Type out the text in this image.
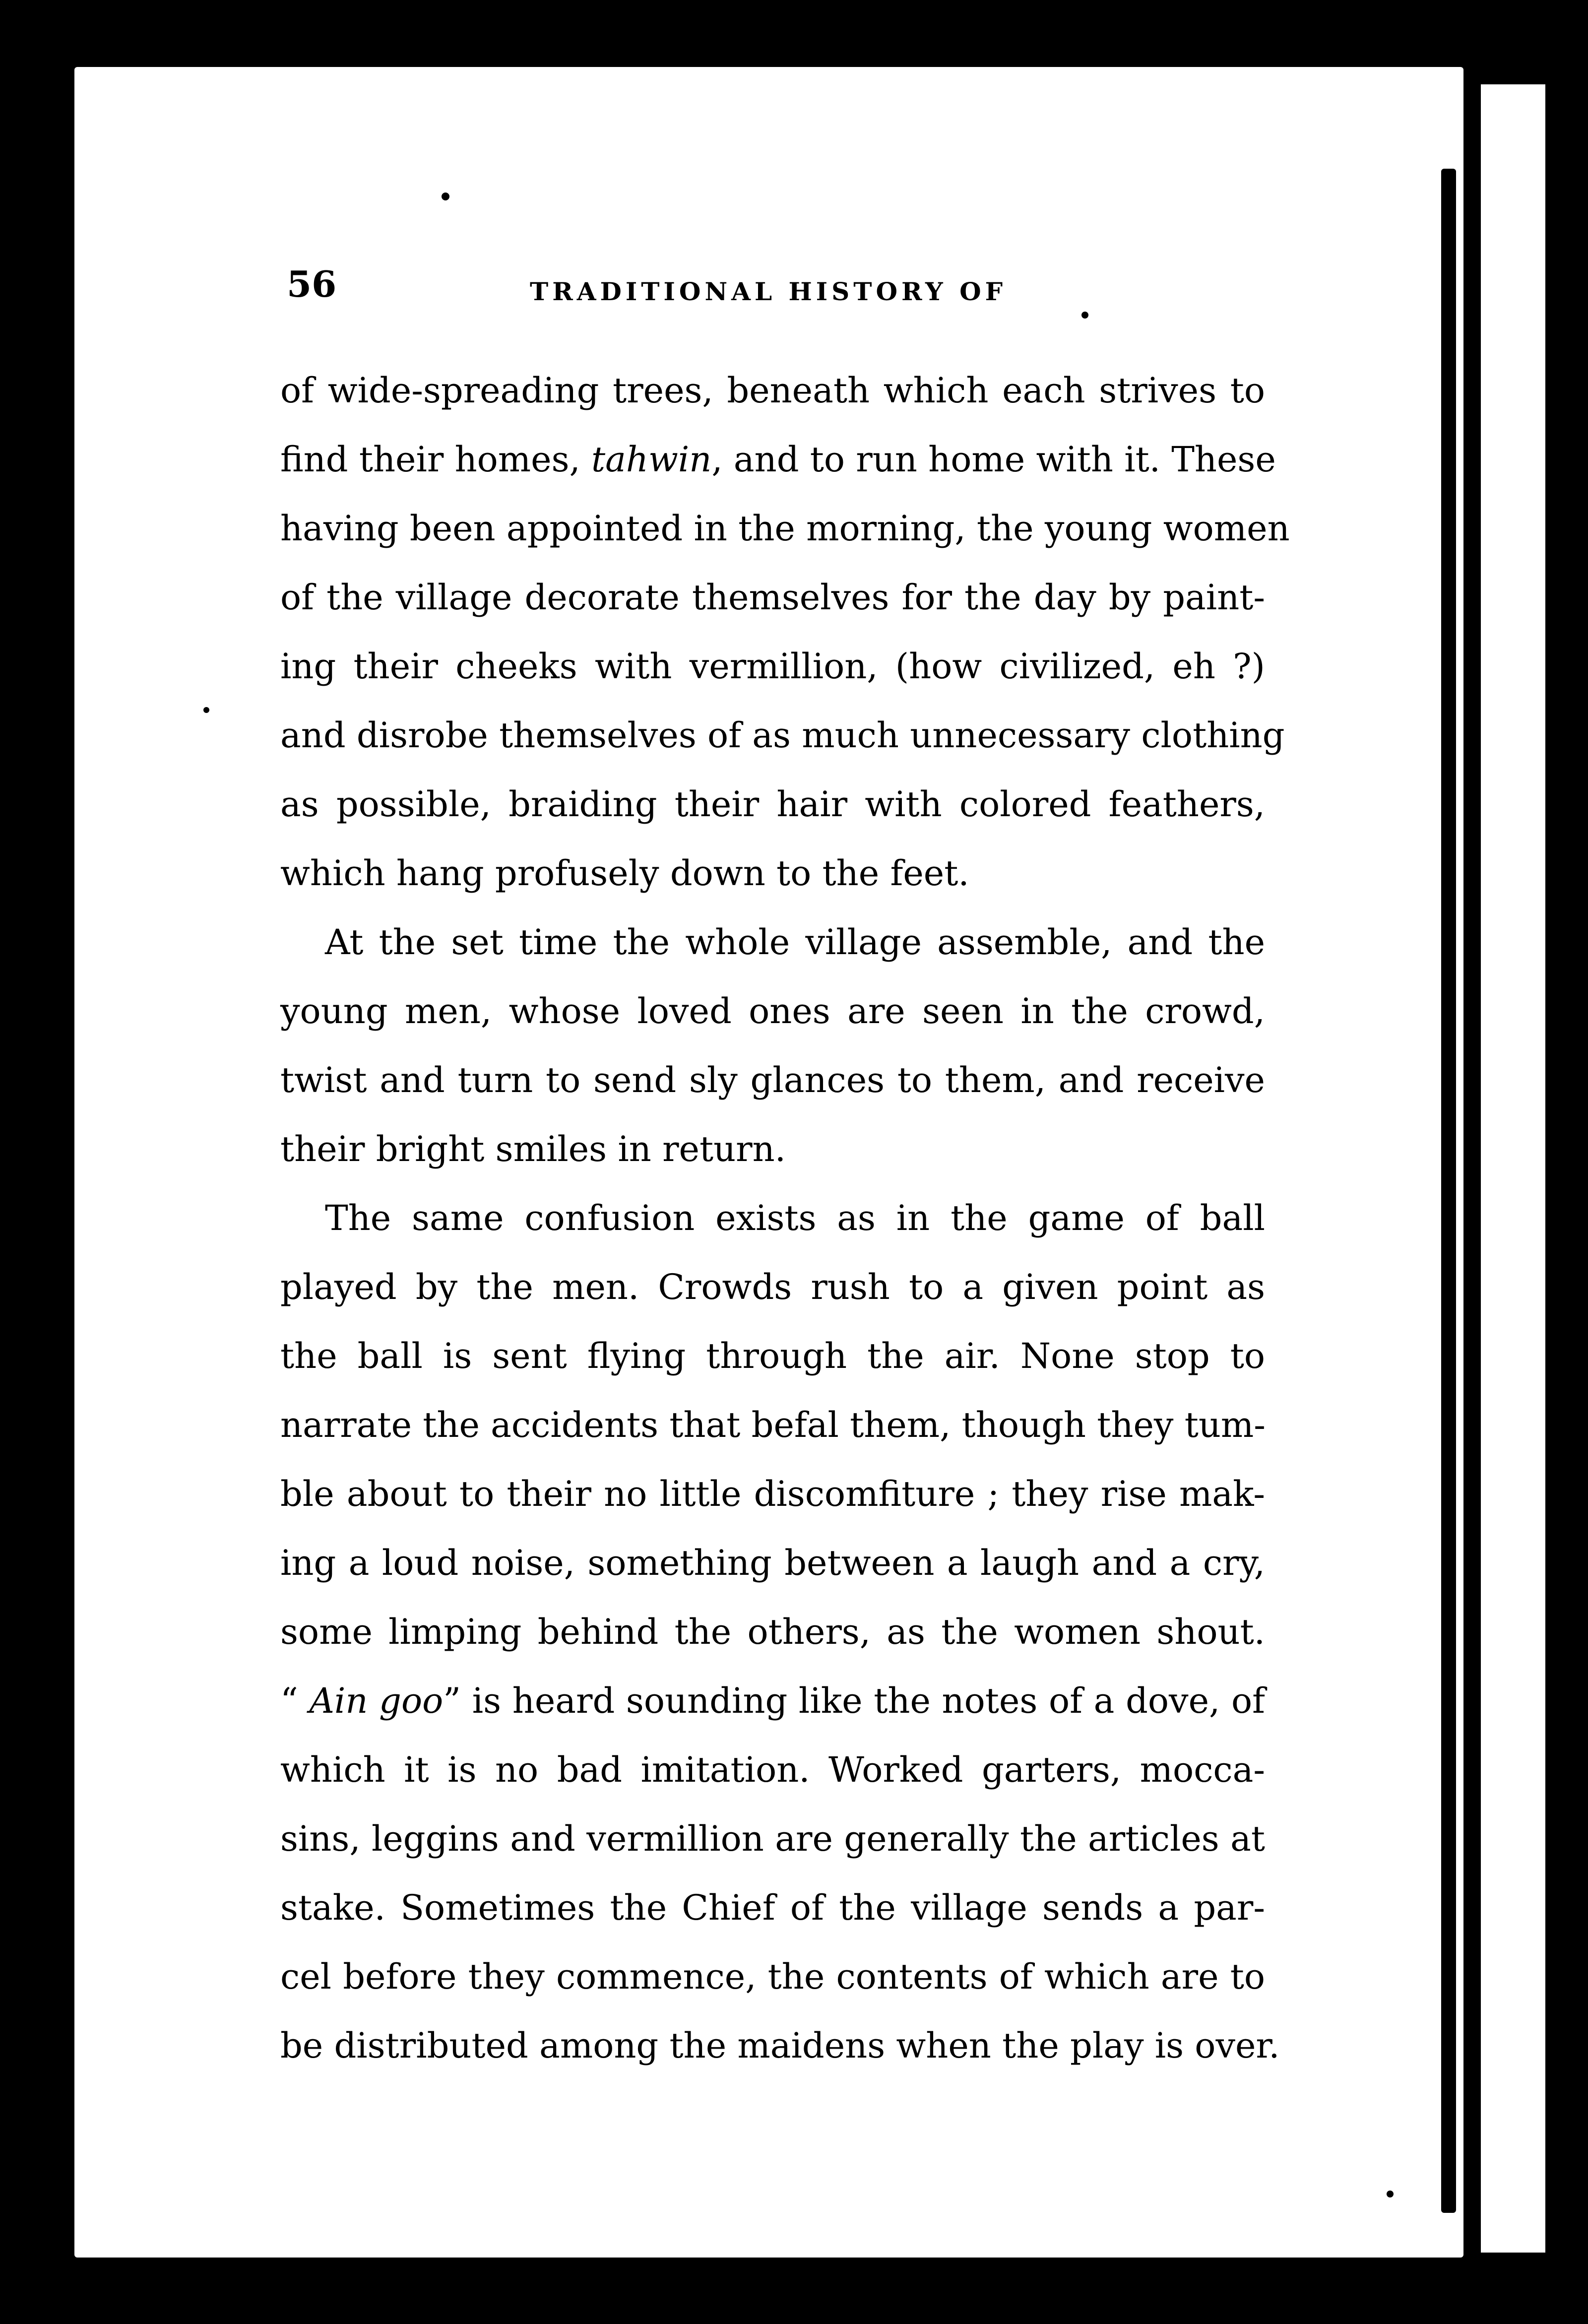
56	TRADITIONAL HISTORY OF

of wide-spreading trees, beneath which each strives to
find their homes, tahwin, and to run home with it. These
having been appointed in the morning, the young women
of the village decorate themselves for the day by paint-
ing their cheeks with vermillion, (how civilized, eh ?)
and disrobe themselves of as much unnecessary clothing
as possible, braiding their hair with colored feathers,
which hang profusely down to the feet.

At the set time the whole village assemble, and the
young men, whose loved ones are seen in the crowd,
twist and turn to send sly glances to them, and receive
their bright smiles in return.

The same confusion exists as in the game of ball
played by the men. Crowds rush to a given point as
the ball is sent flying through the air. None stop to
narrate the accidents that befal them, though they tum-
ble about to their no little discomfiture ; they rise mak-
ing a loud noise, something between a laugh and a cry,
some limping behind the others, as the women shout.
“ Ain goo” is heard sounding like the notes of a dove, of
which it is no bad imitation. Worked garters, mocca-
sins, leggins and vermillion are generally the articles at
stake. Sometimes the Chief of the village sends a par-
cel before they commence, the contents of which are to
be distributed among the maidens when the play is over.
